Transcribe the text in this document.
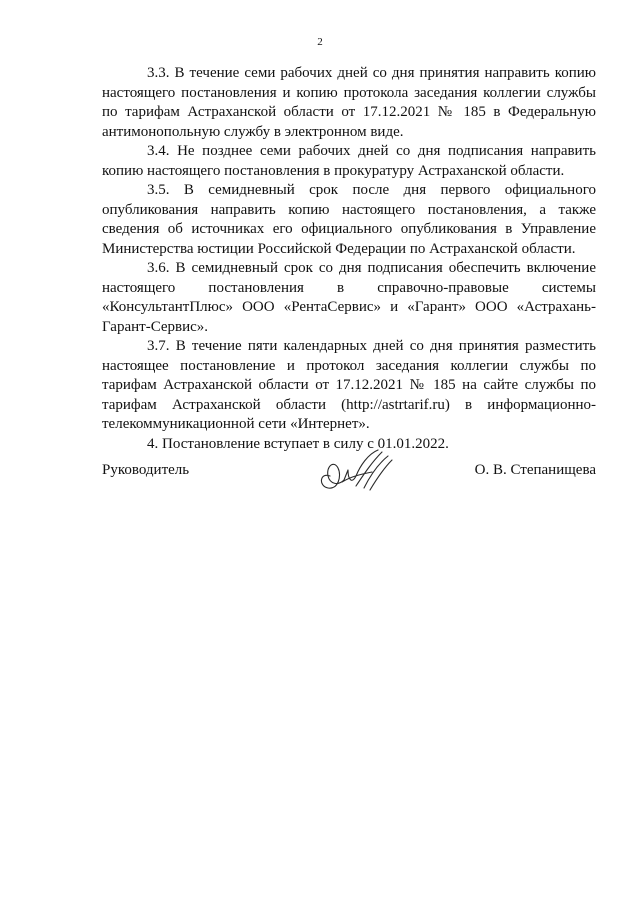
2

3.3. В течение семи рабочих дней со дня принятия направить копию настоящего постановления и копию протокола заседания коллегии службы по тарифам Астраханской области от 17.12.2021 № 185 в Федеральную антимонопольную службу в электронном виде.

3.4. Не позднее семи рабочих дней со дня подписания направить копию настоящего постановления в прокуратуру Астраханской области.

3.5. В семидневный срок после дня первого официального опубликования направить копию настоящего постановления, а также сведения об источниках его официального опубликования в Управление Министерства юстиции Российской Федерации по Астраханской области.

3.6. В семидневный срок со дня подписания обеспечить включение настоящего постановления в справочно-правовые системы «КонсультантПлюс» ООО «РентаСервис» и «Гарант» ООО «Астрахань-Гарант-Сервис».

3.7. В течение пяти календарных дней со дня принятия разместить настоящее постановление и протокол заседания коллегии службы по тарифам Астраханской области от 17.12.2021 № 185 на сайте службы по тарифам Астраханской области (http://astrtarif.ru) в информационно-телекоммуникационной сети «Интернет».

4. Постановление вступает в силу с 01.01.2022.

Руководитель	О. В. Степанищева
